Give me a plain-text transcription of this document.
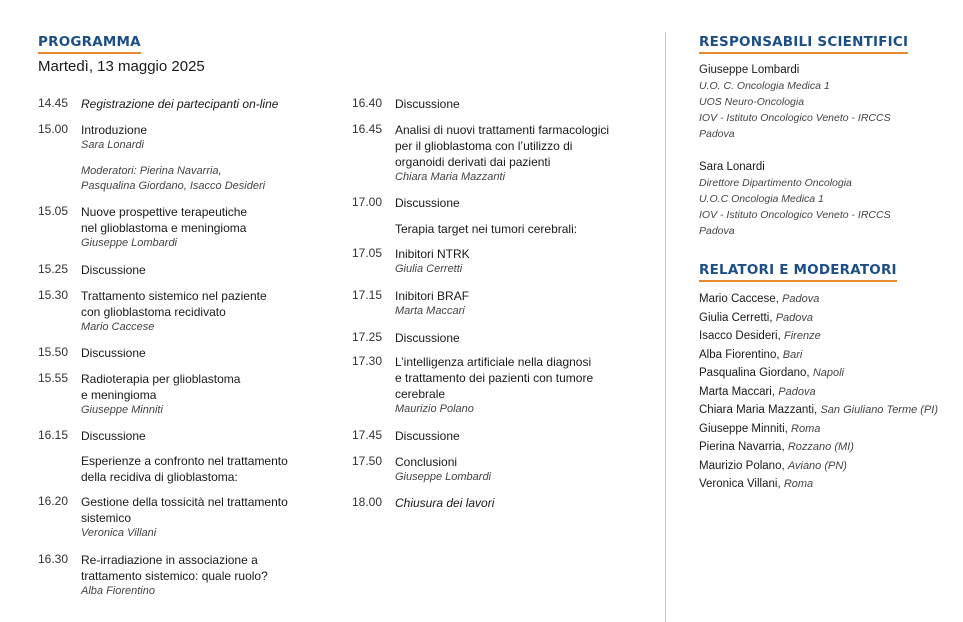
PROGRAMMA
Martedì, 13 maggio 2025
RESPONSABILI SCIENTIFICI
RELATORI E MODERATORI
14.45 Registrazione dei partecipanti on-line
15.00 Introduzione
Sara Lonardi
Moderatori: Pierina Navarria,
Pasqualina Giordano, Isacco Desideri
15.05 Nuove prospettive terapeutiche
nel glioblastoma e meningioma
Giuseppe Lombardi
15.25 Discussione
15.30 Trattamento sistemico nel paziente
con glioblastoma recidivato
Mario Caccese
15.50 Discussione
15.55 Radioterapia per glioblastoma
e meningioma
Giuseppe Minniti
16.15 Discussione
Esperienze a confronto nel trattamento
della recidiva di glioblastoma:
16.20 Gestione della tossicità nel trattamento
sistemico
Veronica Villani
16.30 Re-irradiazione in associazione a
trattamento sistemico: quale ruolo?
Alba Fiorentino
16.40 Discussione
16.45 Analisi di nuovi trattamenti farmacologici
per il glioblastoma con l’utilizzo di
organoidi derivati dai pazienti
Chiara Maria Mazzanti
17.00 Discussione
Terapia target nei tumori cerebrali:
17.05 Inibitori NTRK
Giulia Cerretti
17.15 Inibitori BRAF
Marta Maccari
17.25 Discussione
17.30 L’intelligenza artificiale nella diagnosi
e trattamento dei pazienti con tumore
cerebrale
Maurizio Polano
17.45 Discussione
17.50 Conclusioni
Giuseppe Lombardi
18.00 Chiusura dei lavori
Giuseppe Lombardi
U.O. C. Oncologia Medica 1
UOS Neuro-Oncologia
IOV - Istituto Oncologico Veneto - IRCCS
Padova
Sara Lonardi
Direttore Dipartimento Oncologia
U.O.C Oncologia Medica 1
IOV - Istituto Oncologico Veneto - IRCCS
Padova
Mario Caccese, Padova
Giulia Cerretti, Padova
Isacco Desideri, Firenze
Alba Fiorentino, Bari
Pasqualina Giordano, Napoli
Marta Maccari, Padova
Chiara Maria Mazzanti, San Giuliano Terme (PI)
Giuseppe Minniti, Roma
Pierina Navarria, Rozzano (MI)
Maurizio Polano, Aviano (PN)
Veronica Villani, Roma
